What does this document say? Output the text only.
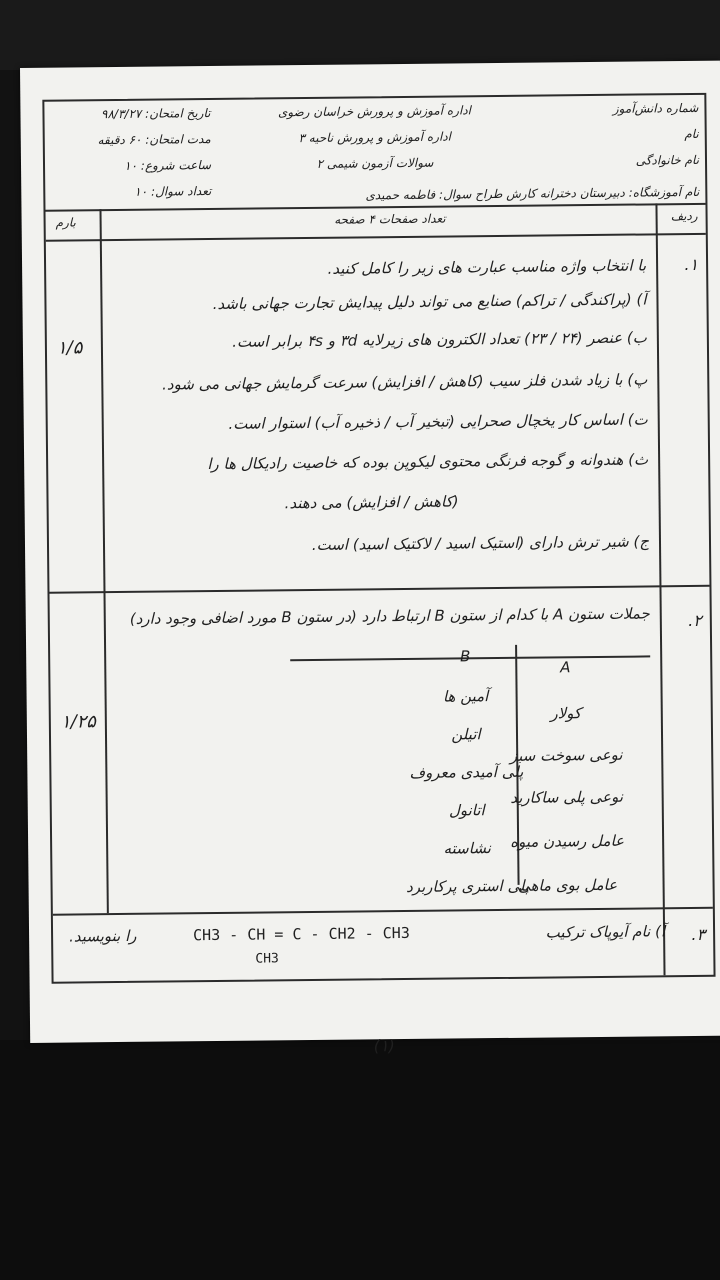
شماره دانش‌آموز
نام
نام خانوادگی
اداره آموزش و پرورش خراسان رضوی
اداره آموزش و پرورش ناحیه ۳
سوالات آزمون شیمی ۲
تاریخ امتحان: ۹۸/۳/۲۷
مدت امتحان: ۶۰ دقیقه
ساعت شروع: ۱۰
تعداد سوال: ۱۰	نام آموزشگاه: دبیرستان دخترانه کارش طراح سوال: فاطمه حمیدی
ردیف
تعداد صفحات ۴ صفحه
بارم
۱.
۱/۵
با انتخاب واژه مناسب عبارت های زیر را کامل کنید.
آ) (پراکندگی / تراکم) صنایع می تواند دلیل پیدایش تجارت جهانی باشد.
ب) عنصر (۲۴ / ۲۳) تعداد الکترون های زیرلایه ۳d و ۴s برابر است.
پ) با زیاد شدن فلز سیب (کاهش / افزایش) سرعت گرمایش جهانی می شود.
ت) اساس کار یخچال صحرایی (تبخیر آب / ذخیره آب) استوار است.
ث) هندوانه و گوجه فرنگی محتوی لیکوپن بوده که خاصیت رادیکال ها را
(کاهش / افزایش) می دهند.
ج) شیر ترش دارای (استیک اسید / لاکتیک اسید) است.
۲.
۱/۲۵
جملات ستون A با کدام از ستون B ارتباط دارد (در ستون B مورد اضافی وجود دارد)
A
B
کولار
نوعی سوخت سبز
نوعی پلی ساکارید
عامل رسیدن میوه
عامل بوی ماهی
آمین ها
اتیلن
پلی آمیدی معروف
اتانول
نشاسته
پلی استری پرکاربرد
۳.
آ) نام آیوپاک ترکیب
CH3 - CH = C - CH2 - CH3
CH3
را بنویسید.
(۱)
